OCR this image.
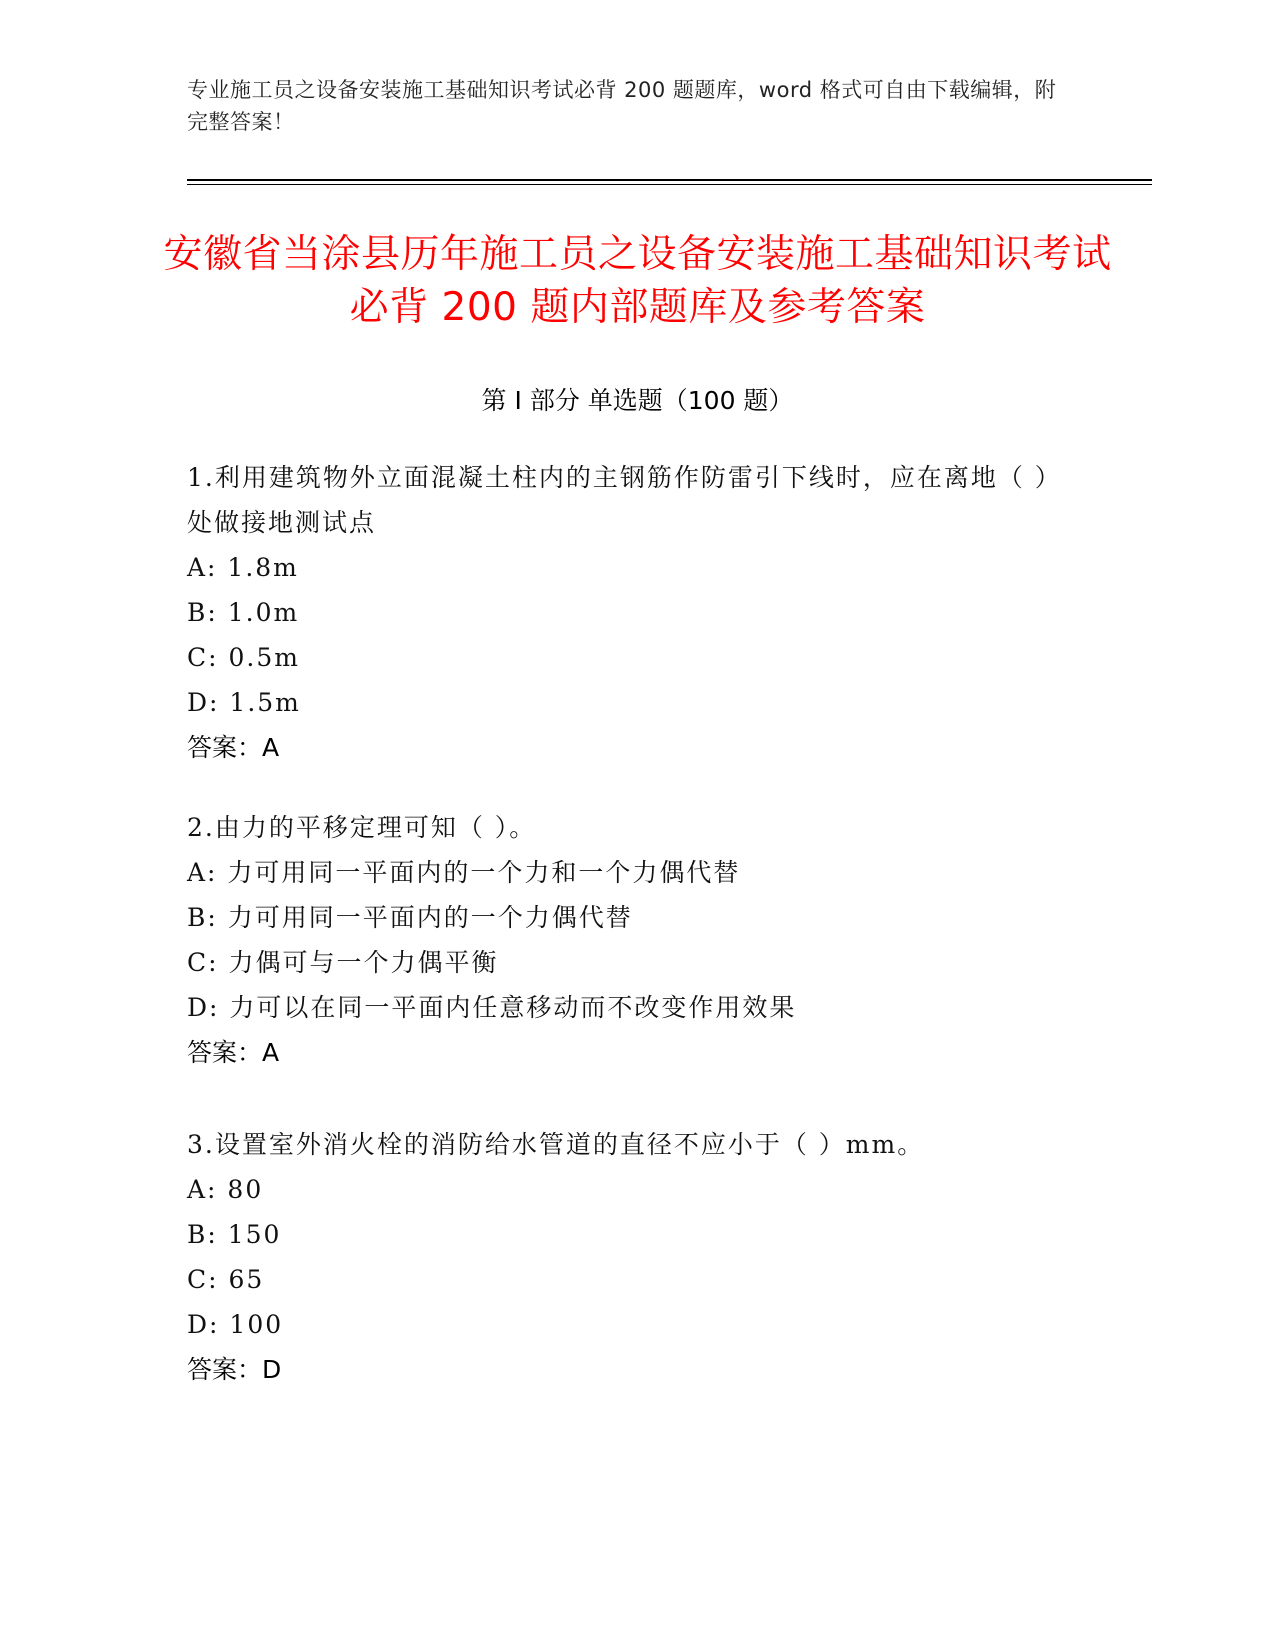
专业施工员之设备安装施工基础知识考试必背 200 题题库，word 格式可自由下载编辑，附完整答案！
安徽省当涂县历年施工员之设备安装施工基础知识考试必背 200 题内部题库及参考答案
第 I 部分 单选题（100 题）

1.利用建筑物外立面混凝土柱内的主钢筋作防雷引下线时，应在离地（ ）处做接地测试点

A: 1.8m

B: 1.0m

C: 0.5m

D: 1.5m

答案：A

2.由力的平移定理可知（ ）。

A: 力可用同一平面内的一个力和一个力偶代替

B: 力可用同一平面内的一个力偶代替

C: 力偶可与一个力偶平衡

D: 力可以在同一平面内任意移动而不改变作用效果

答案：A

3.设置室外消火栓的消防给水管道的直径不应小于（ ）mm。

A: 80

B: 150

C: 65

D: 100

答案：D
